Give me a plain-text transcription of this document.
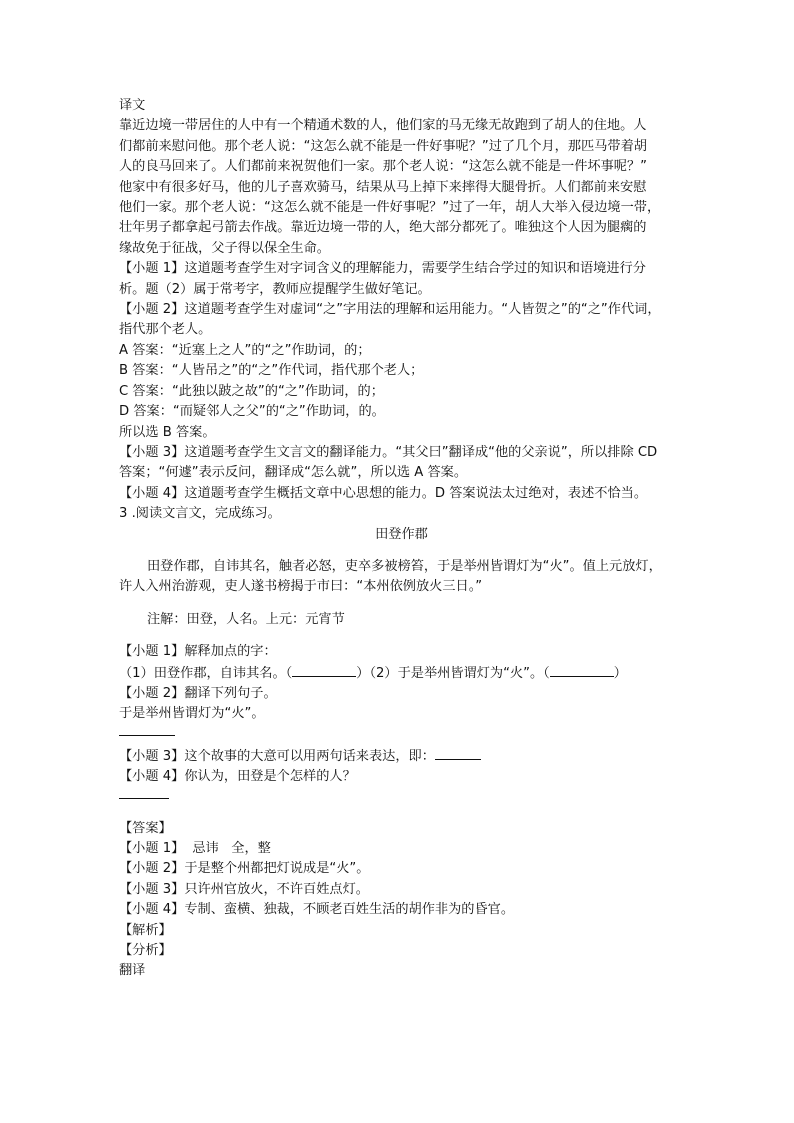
译文
靠近边境一带居住的人中有一个精通术数的人，他们家的马无缘无故跑到了胡人的住地。人
们都前来慰问他。那个老人说：“这怎么就不能是一件好事呢？”过了几个月，那匹马带着胡
人的良马回来了。人们都前来祝贺他们一家。那个老人说：“这怎么就不能是一件坏事呢？”
他家中有很多好马，他的儿子喜欢骑马，结果从马上掉下来摔得大腿骨折。人们都前来安慰
他们一家。那个老人说：“这怎么就不能是一件好事呢？”过了一年，胡人大举入侵边境一带，
壮年男子都拿起弓箭去作战。靠近边境一带的人，绝大部分都死了。唯独这个人因为腿瘸的
缘故免于征战，父子得以保全生命。
【小题 1】这道题考查学生对字词含义的理解能力，需要学生结合学过的知识和语境进行分
析。题（2）属于常考字，教师应提醒学生做好笔记。
【小题 2】这道题考查学生对虚词“之”字用法的理解和运用能力。“人皆贺之”的“之”作代词，
指代那个老人。
A 答案：“近塞上之人”的“之”作助词，的；
B 答案：“人皆吊之”的“之”作代词，指代那个老人；
C 答案：“此独以跛之故”的“之”作助词，的；
D 答案：“而疑邻人之父”的“之”作助词，的。
所以选 B 答案。
【小题 3】这道题考查学生文言文的翻译能力。“其父曰”翻译成“他的父亲说”，所以排除 CD
答案；“何遽”表示反问，翻译成“怎么就”，所以选 A 答案。
【小题 4】这道题考查学生概括文章中心思想的能力。D 答案说法太过绝对，表述不恰当。
3 .阅读文言文，完成练习。
田登作郡
田登作郡，自讳其名，触者必怒，吏卒多被榜笞，于是举州皆谓灯为“火”。值上元放灯，
许人入州治游观，吏人遂书榜揭于市曰：“本州依例放火三日。”
注解：田登，人名。上元：元宵节
【小题 1】解释加点的字：
（1）田登作郡，自讳其名。（	）（2）于是举州皆谓灯为“火”。（	）
【小题 2】翻译下列句子。
于是举州皆谓灯为“火”。
【小题 3】这个故事的大意可以用两句话来表达，即：
【小题 4】你认为，田登是个怎样的人？
【答案】
【小题 1】 忌讳   全，整
【小题 2】于是整个州都把灯说成是“火”。
【小题 3】只许州官放火，不许百姓点灯。
【小题 4】专制、蛮横、独裁，不顾老百姓生活的胡作非为的昏官。
【解析】
【分析】
翻译
